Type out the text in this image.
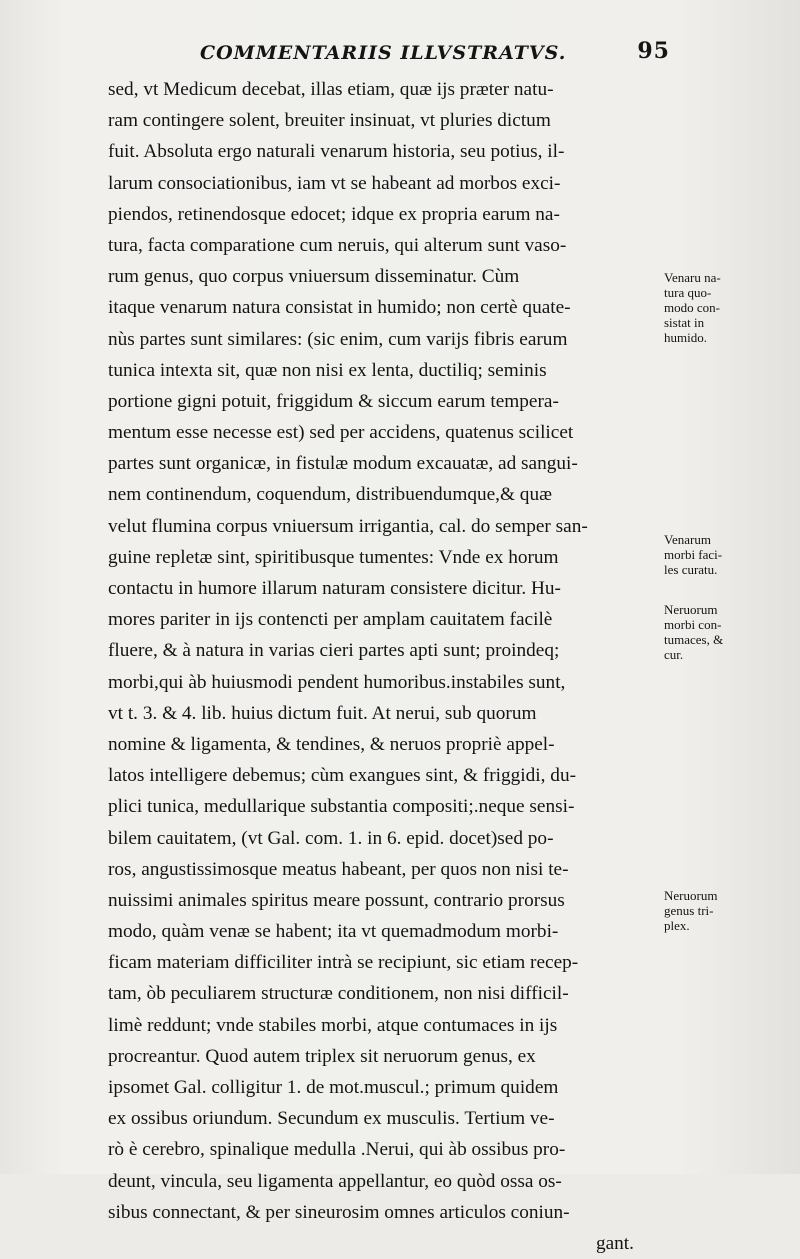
COMMENTARIIS ILLVSTRATVS.	95
sed, vt Medicum decebat, illas etiam, quæ ijs præter natu-
ram contingere solent, breuiter insinuat, vt pluries dictum
fuit. Absoluta ergo naturali venarum historia, seu potius, il-
larum consociationibus, iam vt se habeant ad morbos exci-
piendos, retinendosque edocet; idque ex propria earum na-
tura, facta comparatione cum neruis, qui alterum sunt vaso-
rum genus, quo corpus vniuersum disseminatur. Cùm
itaque venarum natura consistat in humido; non certè quate-
nùs partes sunt similares: (sic enim, cum varijs fibris earum
tunica intexta sit, quæ non nisi ex lenta, ductiliq; seminis
portione gigni potuit, friggidum & siccum earum tempera-
mentum esse necesse est) sed per accidens, quatenus scilicet
partes sunt organicæ, in fistulæ modum excauatæ, ad sangui-
nem continendum, coquendum, distribuendumque,& quæ
velut flumina corpus vniuersum irrigantia, cal. do semper san-
guine repletæ sint, spiritibusque tumentes: Vnde ex horum
contactu in humore illarum naturam consistere dicitur. Hu-
mores pariter in ijs contencti per amplam cauitatem facilè
fluere, & à natura in varias cieri partes apti sunt; proindeq;
morbi,qui àb huiusmodi pendent humoribus.instabiles sunt,
vt t. 3. & 4. lib. huius dictum fuit. At nerui, sub quorum
nomine & ligamenta, & tendines, & neruos propriè appel-
latos intelligere debemus; cùm exangues sint, & friggidi, du-
plici tunica, medullarique substantia compositi;.neque sensi-
bilem cauitatem, (vt Gal. com. 1. in 6. epid. docet)sed po-
ros, angustissimosque meatus habeant, per quos non nisi te-
nuissimi animales spiritus meare possunt, contrario prorsus
modo, quàm venæ se habent; ita vt quemadmodum morbi-
ficam materiam difficiliter intrà se recipiunt, sic etiam recep-
tam, òb peculiarem structuræ conditionem, non nisi difficil-
limè reddunt; vnde stabiles morbi, atque contumaces in ijs
procreantur. Quod autem triplex sit neruorum genus, ex
ipsomet Gal. colligitur 1. de mot.muscul.; primum quidem
ex ossibus oriundum. Secundum ex musculis. Tertium ve-
rò è cerebro, spinalique medulla .Nerui, qui àb ossibus pro-
deunt, vincula, seu ligamenta appellantur, eo quòd ossa os-
sibus connectant, & per sineurosim omnes articulos coniun-
gant.
Venaru na-
tura quo-
modo con-
sistat in
humido.
Venarum
morbi faci-
les curatu.
Neruorum
morbi con-
tumaces, &
cur.
Neruorum
genus tri-
plex.
